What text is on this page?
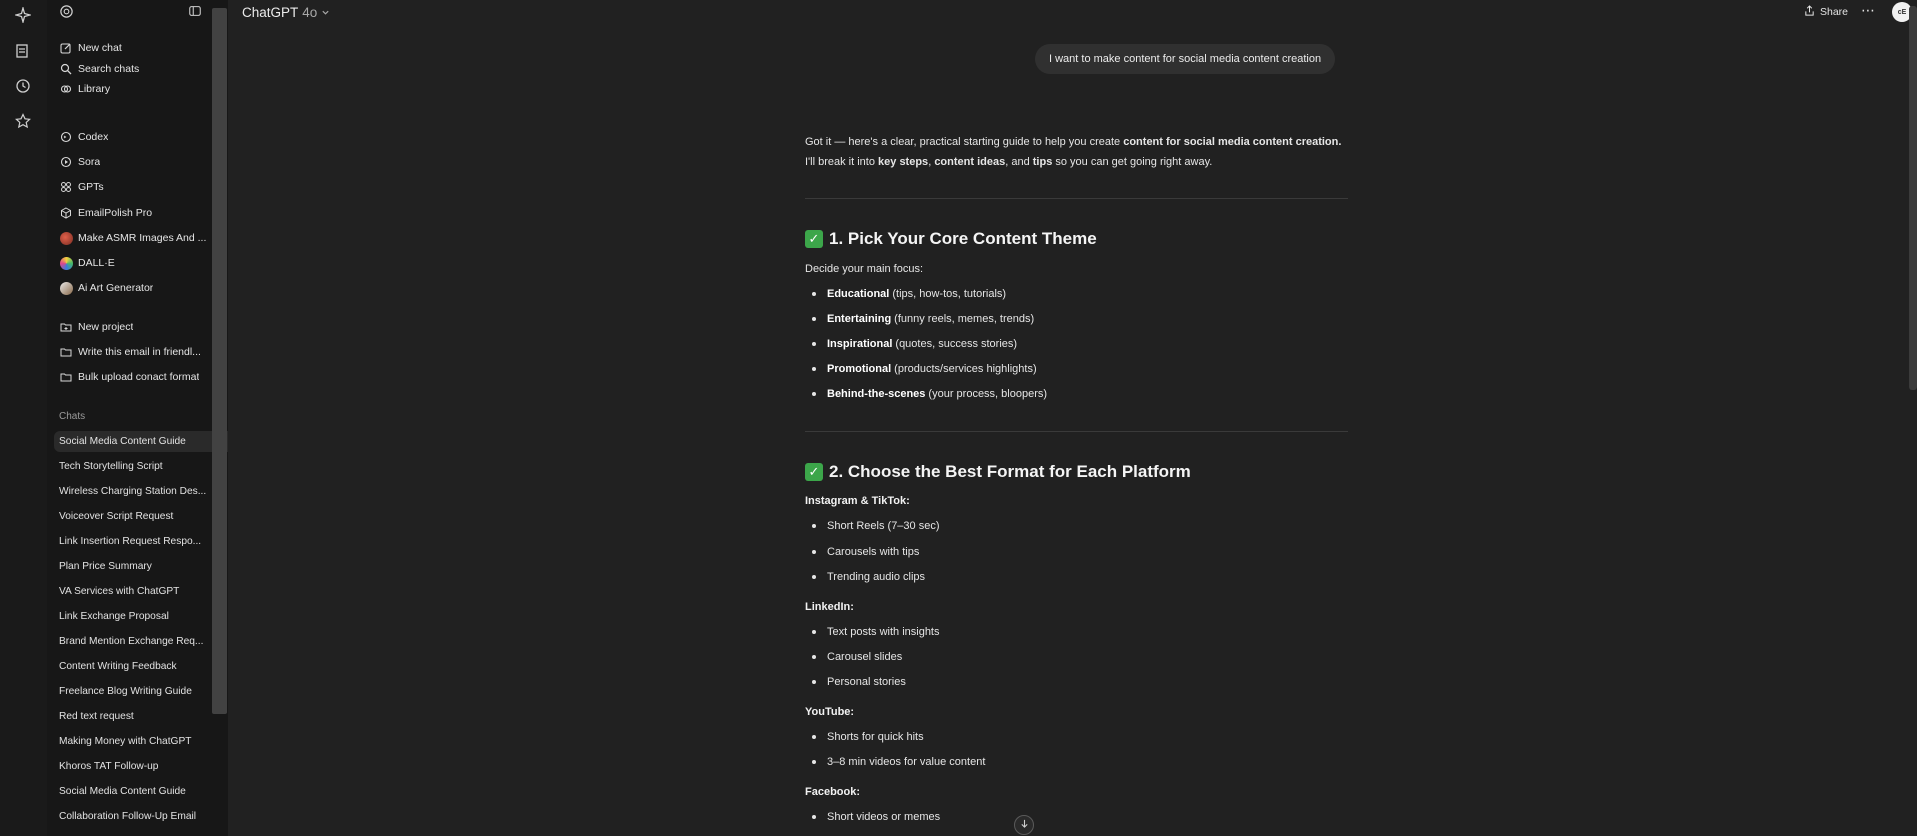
New chat
Search chats
Library
Codex
Sora
GPTs
EmailPolish Pro
Make ASMR Images And ...
DALL·E
Ai Art Generator
New project
Write this email in friendl...
Bulk upload conact format
Chats
Social Media Content Guide
Tech Storytelling Script
Wireless Charging Station Des...
Voiceover Script Request
Link Insertion Request Respo...
Plan Price Summary
VA Services with ChatGPT
Link Exchange Proposal
Brand Mention Exchange Req...
Content Writing Feedback
Freelance Blog Writing Guide
Red text request
Making Money with ChatGPT
Khoros TAT Follow-up
Social Media Content Guide
Collaboration Follow-Up Email
ChatGPT 4o	Share ⋯	cE
I want to make content for social media content creation

Got it — here's a clear, practical starting guide to help you create content for social media content creation.

I'll break it into key steps, content ideas, and tips so you can get going right away.

✓ 1. Pick Your Core Content Theme
Decide your main focus:
Educational (tips, how-tos, tutorials)
Entertaining (funny reels, memes, trends)
Inspirational (quotes, success stories)
Promotional (products/services highlights)
Behind-the-scenes (your process, bloopers)
✓ 2. Choose the Best Format for Each Platform
Instagram & TikTok:
Short Reels (7–30 sec)
Carousels with tips
Trending audio clips
LinkedIn:
Text posts with insights
Carousel slides
Personal stories
YouTube:
Shorts for quick hits
3–8 min videos for value content
Facebook:
Short videos or memes
